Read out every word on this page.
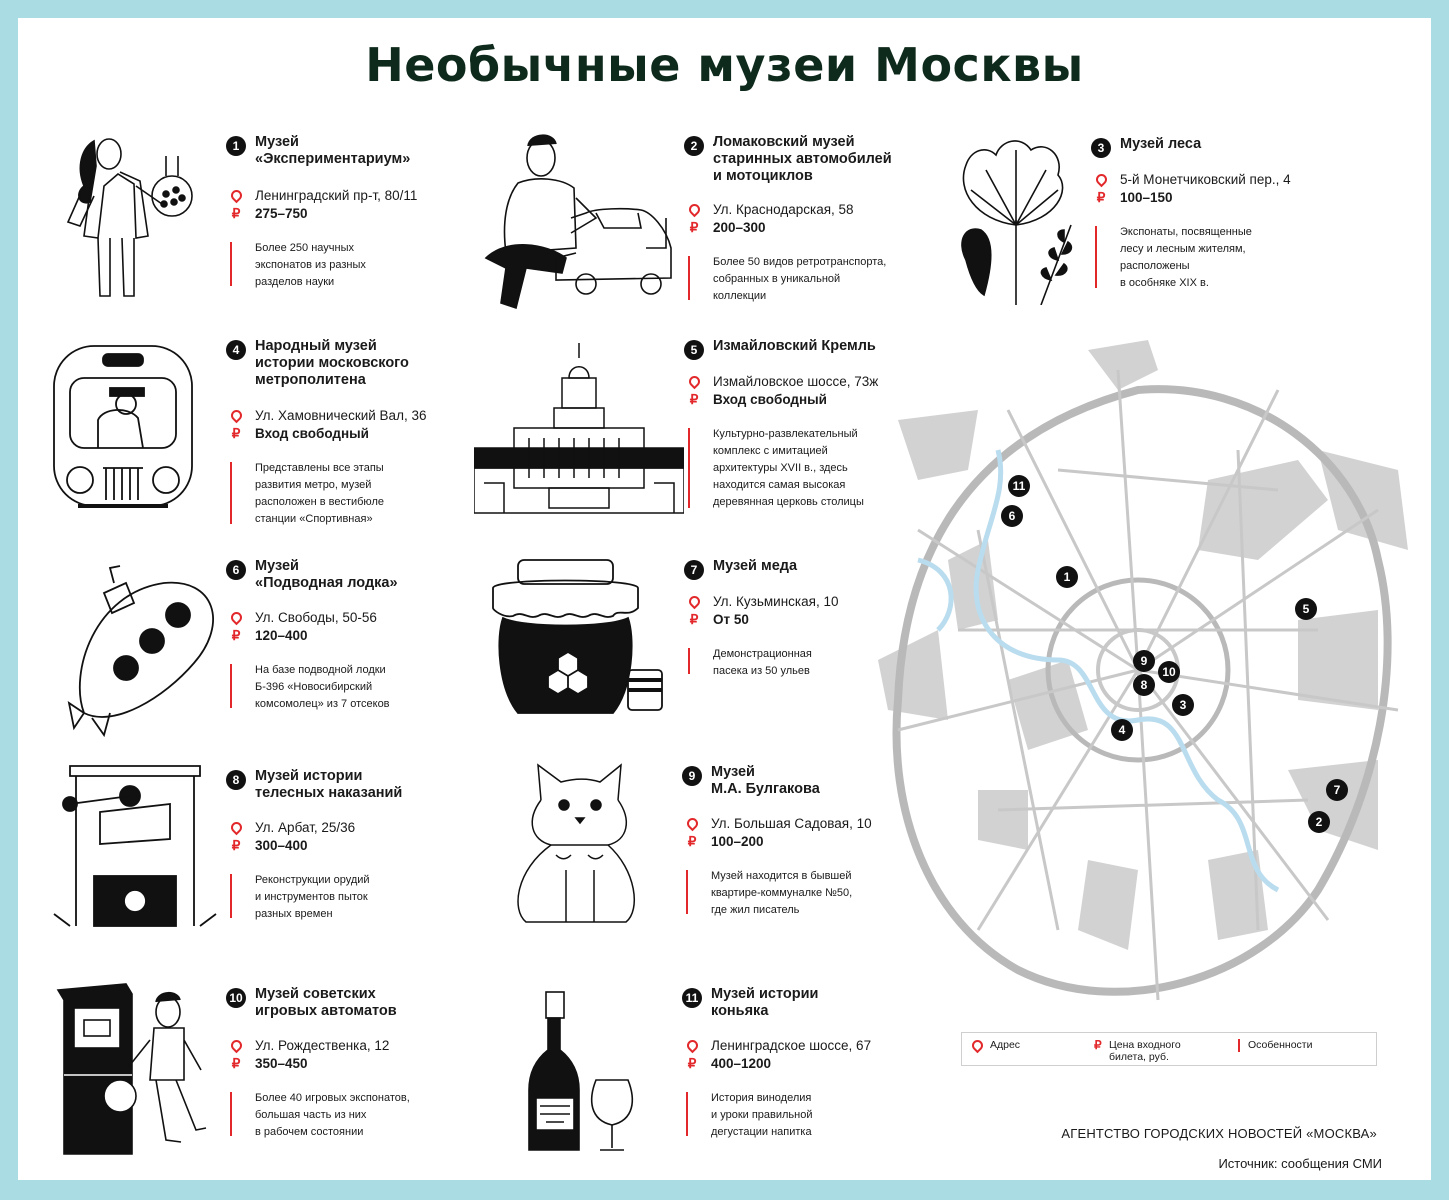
Необычные музеи Москвы
1	Музей
«Экспериментариум»
Ленинградский пр-т, 80/11
₽	275–750
Более 250 научных
экспонатов из разных
разделов науки
2	Ломаковский музей
старинных автомобилей
и мотоциклов
Ул. Краснодарская, 58
₽	200–300
Более 50 видов ретротранспорта,
собранных в уникальной
коллекции
3	Музей леса
5-й Монетчиковский пер., 4
₽	100–150
Экспонаты, посвященные
лесу и лесным жителям,
расположены
в особняке XIX в.
4	Народный музей
истории московского
метрополитена
Ул. Хамовнический Вал, 36
₽	Вход свободный
Представлены все этапы
развития метро, музей
расположен в вестибюле
станции «Спортивная»
5	Измайловский Кремль
Измайловское шоссе, 73ж
₽	Вход свободный
Культурно-развлекательный
комплекс с имитацией
архитектуры XVII в., здесь
находится самая высокая
деревянная церковь столицы
6	Музей
«Подводная лодка»
Ул. Свободы, 50-56
₽	120–400
На базе подводной лодки
Б-396 «Новосибирский
комсомолец» из 7 отсеков
7	Музей меда
Ул. Кузьминская, 10
₽	От 50
Демонстрационная
пасека из 50 ульев
8	Музей истории
телесных наказаний
Ул. Арбат, 25/36
₽	300–400
Реконструкции орудий
и инструментов пыток
разных времен
9	Музей
М.А. Булгакова
Ул. Большая Садовая, 10
₽	100–200
Музей находится в бывшей
квартире-коммуналке №50,
где жил писатель
10 Музей советских
игровых автоматов
Ул. Рождественка, 12
₽	350–450
Более 40 игровых экспонатов,
большая часть из них
в рабочем состоянии
11 Музей истории
коньяка
Ленинградское шоссе, 67
₽	400–1200
История виноделия
и уроки правильной
дегустации напитка
11
6
1
5
9
10
8
3
4
7
2
Адрес	₽ Цена входного
билета, руб.
Особенности
АГЕНТСТВО ГОРОДСКИХ НОВОСТЕЙ «МОСКВА»
Источник: сообщения СМИ
